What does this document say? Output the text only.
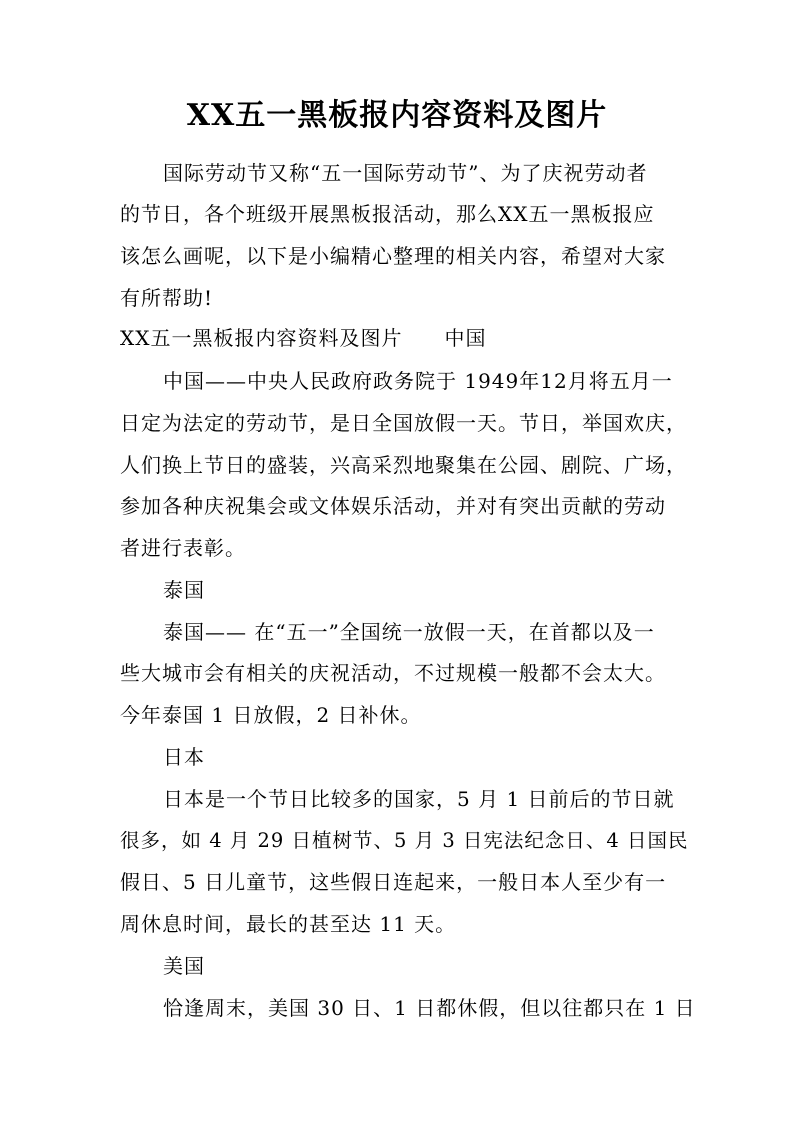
XX五一黑板报内容资料及图片
国际劳动节又称“五一国际劳动节”、为了庆祝劳动者
的节日，各个班级开展黑板报活动，那么XX五一黑板报应
该怎么画呢，以下是小编精心整理的相关内容，希望对大家
有所帮助!
XX五一黑板报内容资料及图片　　中国
中国——中央人民政府政务院于 1949年12月将五月一
日定为法定的劳动节，是日全国放假一天。节日，举国欢庆，
人们换上节日的盛装，兴高采烈地聚集在公园、剧院、广场，
参加各种庆祝集会或文体娱乐活动，并对有突出贡献的劳动
者进行表彰。
泰国
泰国—— 在“五一”全国统一放假一天，在首都以及一
些大城市会有相关的庆祝活动，不过规模一般都不会太大。
今年泰国 1 日放假，2 日补休。
日本
日本是一个节日比较多的国家，5 月 1 日前后的节日就
很多，如 4 月 29 日植树节、5 月 3 日宪法纪念日、4 日国民
假日、5 日儿童节，这些假日连起来，一般日本人至少有一
周休息时间，最长的甚至达 11 天。
美国
恰逢周末，美国 30 日、1 日都休假，但以往都只在 1 日
